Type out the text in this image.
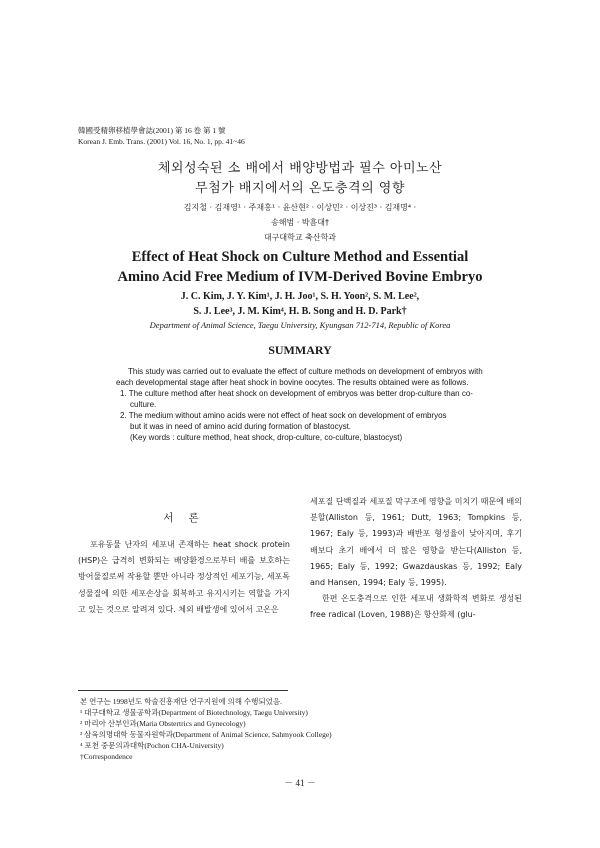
韓國受精卵移植學會誌(2001) 第 16 卷 第 1 號
Korean J. Emb. Trans. (2001) Vol. 16, No. 1, pp. 41~46
체외성숙된 소 배에서 배양방법과 필수 아미노산
무첨가 배지에서의 온도충격의 영향
김지철 · 김재영¹ · 주재홍¹ · 윤산현² · 이상민² · 이상진³ · 김재명⁴ ·
송해범 · 박흠대†
대구대학교 축산학과
Effect of Heat Shock on Culture Method and Essential
Amino Acid Free Medium of IVM-Derived Bovine Embryo
J. C. Kim, J. Y. Kim¹, J. H. Joo¹, S. H. Yoon², S. M. Lee²,
S. J. Lee³, J. M. Kim⁴, H. B. Song and H. D. Park†
Department of Animal Science, Taegu University, Kyungsan 712-714, Republic of Korea
SUMMARY

This study was carried out to evaluate the effect of culture methods on development of embryos with each developmental stage after heat shock in bovine oocytes. The results obtained were as follows.

1. The culture method after heat shock on development of embryos was better drop-culture than co-culture.

2. The medium without amino acids were not effect of heat sock on development of embryos

but it was in need of amino acid during formation of blastocyst.

(Key words : culture method, heat shock, drop-culture, co-culture, blastocyst)

서 론

포유동물 난자의 세포내 존재하는 heat shock protein (HSP)은 급격히 변화되는 배양환경으로부터 배를 보호하는 방어물질로써 작용할 뿐만 아니라 정상적인 세포기능, 세포독성물질에 의한 세포손상을 회복하고 유지시키는 역할을 가지고 있는 것으로 알려져 있다. 체외 배발생에 있어서 고온은

세포질 단백질과 세포질 막구조에 영향을 미치기 때문에 배의 분할(Alliston 등, 1961; Dutt, 1963; Tompkins 등, 1967; Ealy 등, 1993)과 배반포 형성율이 낮아지며, 후기 배보다 초기 배에서 더 많은 영향을 받는다(Alliston 등, 1965; Ealy 등, 1992; Gwazdauskas 등, 1992; Ealy and Hansen, 1994; Ealy 등, 1995).

한편 온도충격으로 인한 세포내 생화학적 변화로 생성된 free radical (Loven, 1988)은 항산화제 (glu-

본 연구는 1998년도 학술진흥재단 연구지원에 의해 수행되었음.
¹ 대구대학교 생물공학과(Department of Biotechnology, Taegu University)
² 마리아 산부인과(Maria Obstertrics and Gynecology)
³ 삼육의명대학 동물자원학과(Department of Animal Science, Sahmyook College)
⁴ 포천 중문의과대학(Pochon CHA-University)
†Correspondence
－ 41 －
